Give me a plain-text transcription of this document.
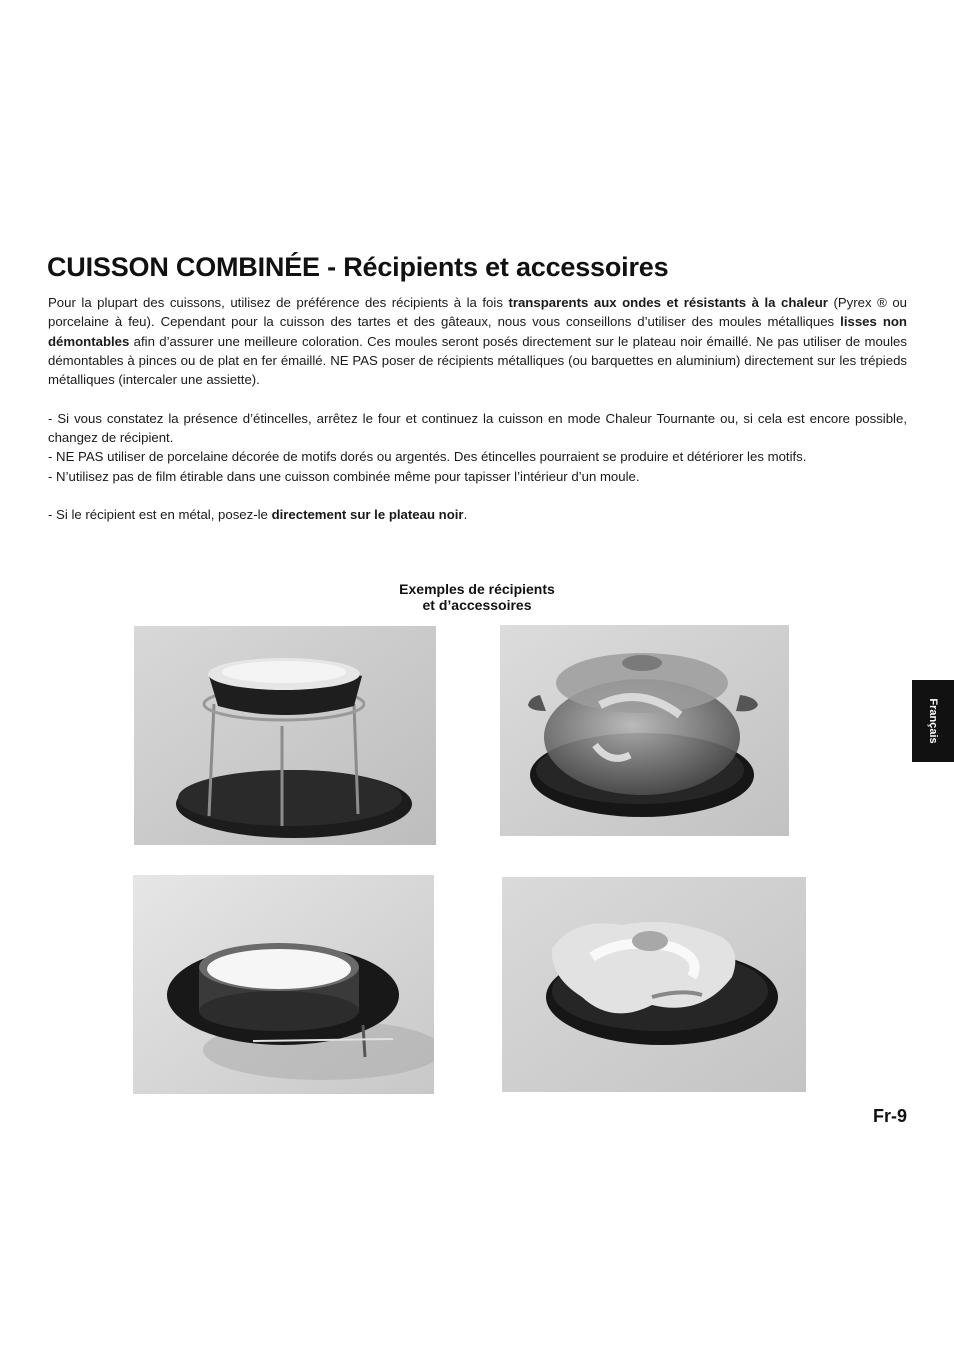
CUISSON COMBINÉE - Récipients et accessoires

Pour la plupart des cuissons, utilisez de préférence des récipients à la fois transparents aux ondes et résistants à la chaleur (Pyrex ® ou porcelaine à feu). Cependant pour la cuisson des tartes et des gâteaux, nous vous conseillons d’utiliser des moules métalliques lisses non démontables afin d’assurer une meilleure coloration. Ces moules seront posés directement sur le plateau noir émaillé. Ne pas utiliser de moules démontables à pinces ou de plat en fer émaillé. NE PAS poser de récipients métalliques (ou barquettes en aluminium) directement sur les trépieds métalliques (intercaler une assiette).

- Si vous constatez la présence d’étincelles, arrêtez le four et continuez la cuisson en mode Chaleur Tournante ou, si cela est encore possible, changez de récipient.

- NE PAS utiliser de porcelaine décorée de motifs dorés ou argentés. Des étincelles pourraient se produire et détériorer les motifs.

- N’utilisez pas de film étirable dans une cuisson combinée même pour tapisser l’intérieur d’un moule.

- Si le récipient est en métal, posez-le directement sur le plateau noir.

Exemples de récipients
et d’accessoires
Français
Fr-9
